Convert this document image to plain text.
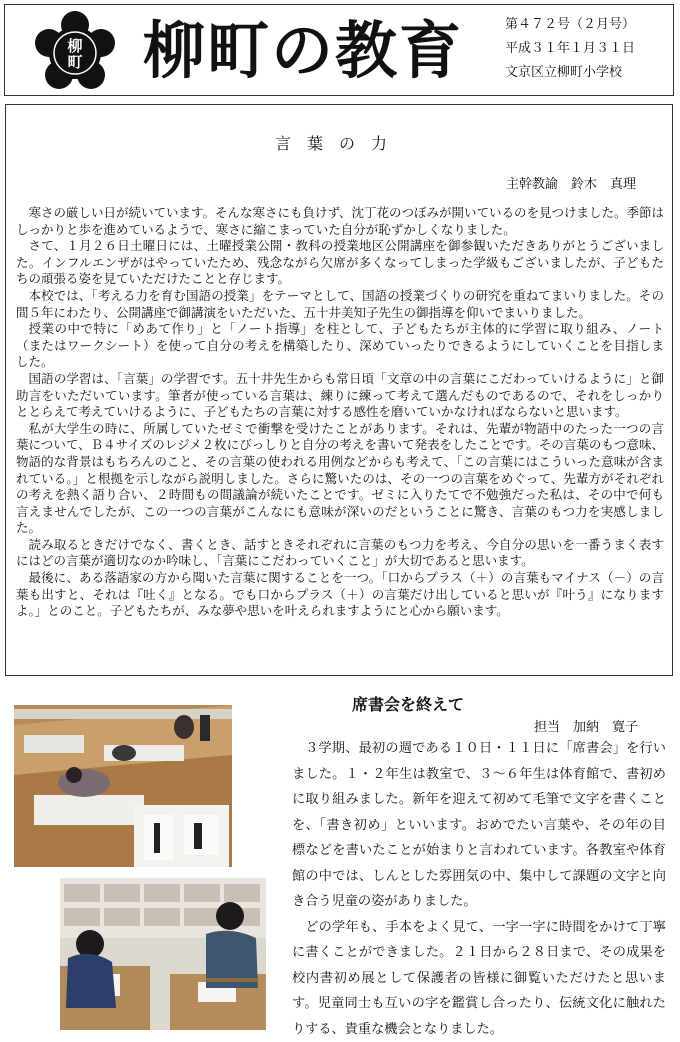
柳
町 柳町の教育	第４７２号（２月号）
平成３１年１月３１日
文京区立柳町小学校
言葉の力
主幹教諭　鈴木　真理

寒さの厳しい日が続いています。そんな寒さにも負けず、沈丁花のつぼみが開いているのを見つけました。季節はしっかりと歩を進めているようで、寒さに縮こまっていた自分が恥ずかしくなりました。

さて、１月２６日土曜日には、土曜授業公開・教科の授業地区公開講座を御参観いただきありがとうございました。インフルエンザがはやっていたため、残念ながら欠席が多くなってしまった学級もございましたが、子どもたちの頑張る姿を見ていただけたことと存じます。

本校では、「考える力を育む国語の授業」をテーマとして、国語の授業づくりの研究を重ねてまいりました。その間５年にわたり、公開講座で御講演をいただいた、五十井美知子先生の御指導を仰いでまいりました。

授業の中で特に「めあて作り」と「ノート指導」を柱として、子どもたちが主体的に学習に取り組み、ノート（またはワークシート）を使って自分の考えを構築したり、深めていったりできるようにしていくことを目指しました。

国語の学習は、「言葉」の学習です。五十井先生からも常日頃「文章の中の言葉にこだわっていけるように」と御助言をいただいています。筆者が使っている言葉は、練りに練って考えて選んだものであるので、それをしっかりととらえて考えていけるように、子どもたちの言葉に対する感性を磨いていかなければならないと思います。

私が大学生の時に、所属していたゼミで衝撃を受けたことがあります。それは、先輩が物語中のたった一つの言葉について、Ｂ４サイズのレジメ２枚にびっしりと自分の考えを書いて発表をしたことです。その言葉のもつ意味、物語的な背景はもちろんのこと、その言葉の使われる用例などからも考えて、「この言葉にはこういった意味が含まれている。」と根拠を示しながら説明しました。さらに驚いたのは、その一つの言葉をめぐって、先輩方がそれぞれの考えを熱く語り合い、２時間もの間議論が続いたことです。ゼミに入りたてで不勉強だった私は、その中で何も言えませんでしたが、この一つの言葉がこんなにも意味が深いのだということに驚き、言葉のもつ力を実感しました。

読み取るときだけでなく、書くとき、話すときそれぞれに言葉のもつ力を考え、今自分の思いを一番うまく表すにはどの言葉が適切なのか吟味し、「言葉にこだわっていくこと」が大切であると思います。

最後に、ある落語家の方から聞いた言葉に関することを一つ。「口からプラス（＋）の言葉もマイナス（－）の言葉も出すと、それは『吐く』となる。でも口からプラス（＋）の言葉だけ出していると思いが『叶う』になりますよ。」とのこと。子どもたちが、みな夢や思いを叶えられますようにと心から願います。

席書会を終えて
担当　加納　寛子

３学期、最初の週である１０日・１１日に「席書会」を行いました。１・２年生は教室で、３～６年生は体育館で、書初めに取り組みました。新年を迎えて初めて毛筆で文字を書くことを、「書き初め」といいます。おめでたい言葉や、その年の目標などを書いたことが始まりと言われています。各教室や体育館の中では、しんとした雰囲気の中、集中して課題の文字と向き合う児童の姿がありました。

どの学年も、手本をよく見て、一字一字に時間をかけて丁寧に書くことができました。２１日から２８日まで、その成果を校内書初め展として保護者の皆様に御覧いただけたと思います。児童同士も互いの字を鑑賞し合ったり、伝統文化に触れたりする、貴重な機会となりました。
